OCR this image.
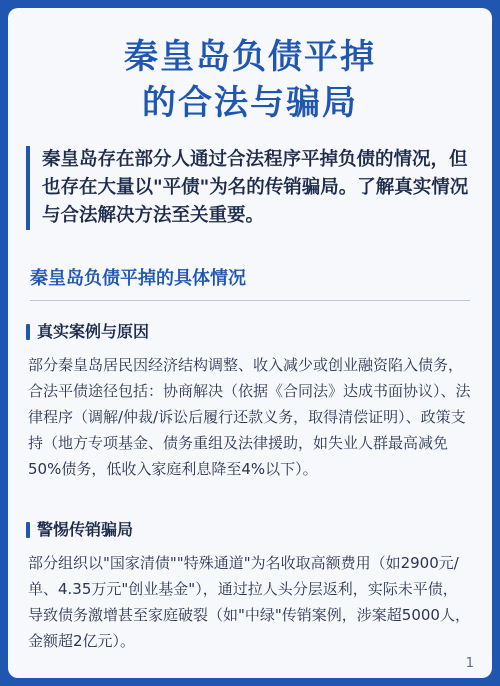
秦皇岛负债平掉
的合法与骗局
秦皇岛存在部分人通过合法程序平掉负债的情况，但也存在大量以"平债"为名的传销骗局。了解真实情况与合法解决方法至关重要。
秦皇岛负债平掉的具体情况
真实案例与原因
部分秦皇岛居民因经济结构调整、收入减少或创业融资陷入债务，合法平债途径包括：协商解决（依据《合同法》达成书面协议）、法律程序（调解/仲裁/诉讼后履行还款义务，取得清偿证明）、政策支持（地方专项基金、债务重组及法律援助，如失业人群最高减免50%债务，低收入家庭利息降至4%以下）。
警惕传销骗局
部分组织以"国家清债""特殊通道"为名收取高额费用（如2900元/单、4.35万元"创业基金"），通过拉人头分层返利，实际未平债，导致债务激增甚至家庭破裂（如"中绿"传销案例，涉案超5000人，金额超2亿元）。
1
